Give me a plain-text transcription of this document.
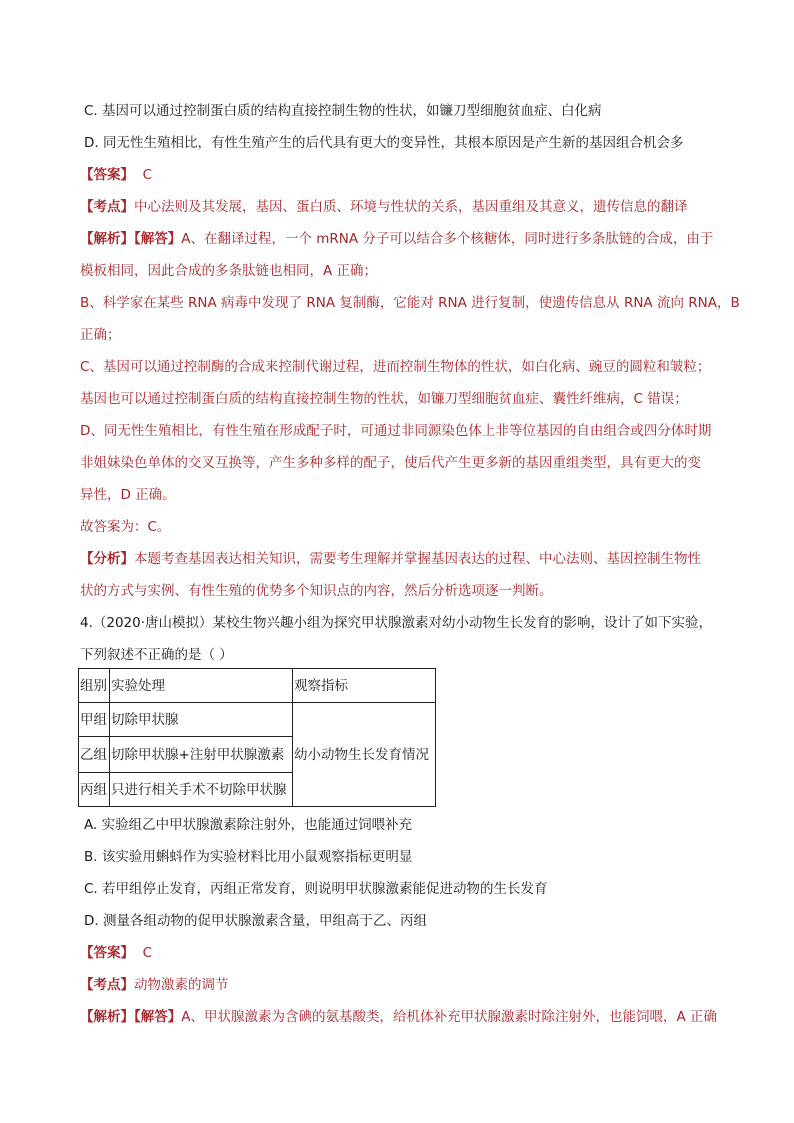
C. 基因可以通过控制蛋白质的结构直接控制生物的性状，如镰刀型细胞贫血症、白化病
D. 同无性生殖相比，有性生殖产生的后代具有更大的变异性，其根本原因是产生新的基因组合机会多
【答案】 C
【考点】中心法则及其发展，基因、蛋白质、环境与性状的关系，基因重组及其意义，遗传信息的翻译
【解析】【解答】A、在翻译过程，一个 mRNA 分子可以结合多个核糖体，同时进行多条肽链的合成，由于
模板相同，因此合成的多条肽链也相同，A 正确；
B、科学家在某些 RNA 病毒中发现了 RNA 复制酶，它能对 RNA 进行复制，使遗传信息从 RNA 流向 RNA，B
正确；
C、基因可以通过控制酶的合成来控制代谢过程，进而控制生物体的性状，如白化病、豌豆的圆粒和皱粒；
基因也可以通过控制蛋白质的结构直接控制生物的性状，如镰刀型细胞贫血症、囊性纤维病，C 错误；
D、同无性生殖相比，有性生殖在形成配子时，可通过非同源染色体上非等位基因的自由组合或四分体时期
非姐妹染色单体的交叉互换等，产生多种多样的配子，使后代产生更多新的基因重组类型，具有更大的变
异性，D 正确。
故答案为：C。
【分析】本题考查基因表达相关知识，需要考生理解并掌握基因表达的过程、中心法则、基因控制生物性
状的方式与实例、有性生殖的优势多个知识点的内容，然后分析选项逐一判断。
4.（2020·唐山模拟）某校生物兴趣小组为探究甲状腺激素对幼小动物生长发育的影响，设计了如下实验，
下列叙述不正确的是（ ）
组别	实验处理	观察指标
甲组	切除甲状腺	幼小动物生长发育情况
乙组	切除甲状腺+注射甲状腺激素	
丙组	只进行相关手术不切除甲状腺	
A. 实验组乙中甲状腺激素除注射外，也能通过饲喂补充
B. 该实验用蝌蚪作为实验材料比用小鼠观察指标更明显
C. 若甲组停止发育，丙组正常发育，则说明甲状腺激素能促进动物的生长发育
D. 测量各组动物的促甲状腺激素含量，甲组高于乙、丙组
【答案】 C
【考点】动物激素的调节
【解析】【解答】A、甲状腺激素为含碘的氨基酸类，给机体补充甲状腺激素时除注射外，也能饲喂，A 正确
